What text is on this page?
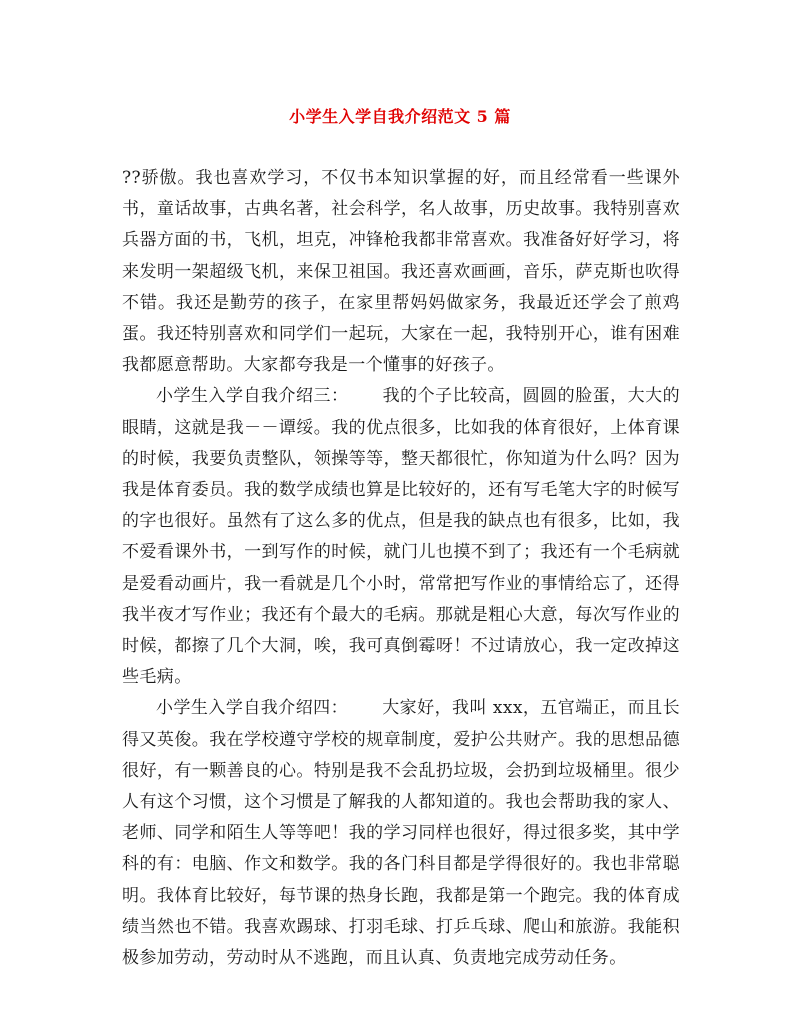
小学生入学自我介绍范文 5 篇

??骄傲。我也喜欢学习，不仅书本知识掌握的好，而且经常看一些课外书，童话故事，古典名著，社会科学，名人故事，历史故事。我特别喜欢兵器方面的书，飞机，坦克，冲锋枪我都非常喜欢。我准备好好学习，将来发明一架超级飞机，来保卫祖国。我还喜欢画画，音乐，萨克斯也吹得不错。我还是勤劳的孩子，在家里帮妈妈做家务，我最近还学会了煎鸡蛋。我还特别喜欢和同学们一起玩，大家在一起，我特别开心，谁有困难我都愿意帮助。大家都夸我是一个懂事的好孩子。

小学生入学自我介绍三： 我的个子比较高，圆圆的脸蛋，大大的眼睛，这就是我－－谭绥。我的优点很多，比如我的体育很好，上体育课的时候，我要负责整队，领操等等，整天都很忙，你知道为什么吗？因为我是体育委员。我的数学成绩也算是比较好的，还有写毛笔大字的时候写的字也很好。虽然有了这么多的优点，但是我的缺点也有很多，比如，我不爱看课外书，一到写作的时候，就门儿也摸不到了；我还有一个毛病就是爱看动画片，我一看就是几个小时，常常把写作业的事情给忘了，还得我半夜才写作业；我还有个最大的毛病。那就是粗心大意，每次写作业的时候，都擦了几个大洞，唉，我可真倒霉呀！不过请放心，我一定改掉这些毛病。

小学生入学自我介绍四： 大家好，我叫 xxx，五官端正，而且长得又英俊。我在学校遵守学校的规章制度，爱护公共财产。我的思想品德很好，有一颗善良的心。特别是我不会乱扔垃圾，会扔到垃圾桶里。很少人有这个习惯，这个习惯是了解我的人都知道的。我也会帮助我的家人、老师、同学和陌生人等等吧！我的学习同样也很好，得过很多奖，其中学科的有：电脑、作文和数学。我的各门科目都是学得很好的。我也非常聪明。我体育比较好，每节课的热身长跑，我都是第一个跑完。我的体育成绩当然也不错。我喜欢踢球、打羽毛球、打乒乓球、爬山和旅游。我能积极参加劳动，劳动时从不逃跑，而且认真、负责地完成劳动任务。
